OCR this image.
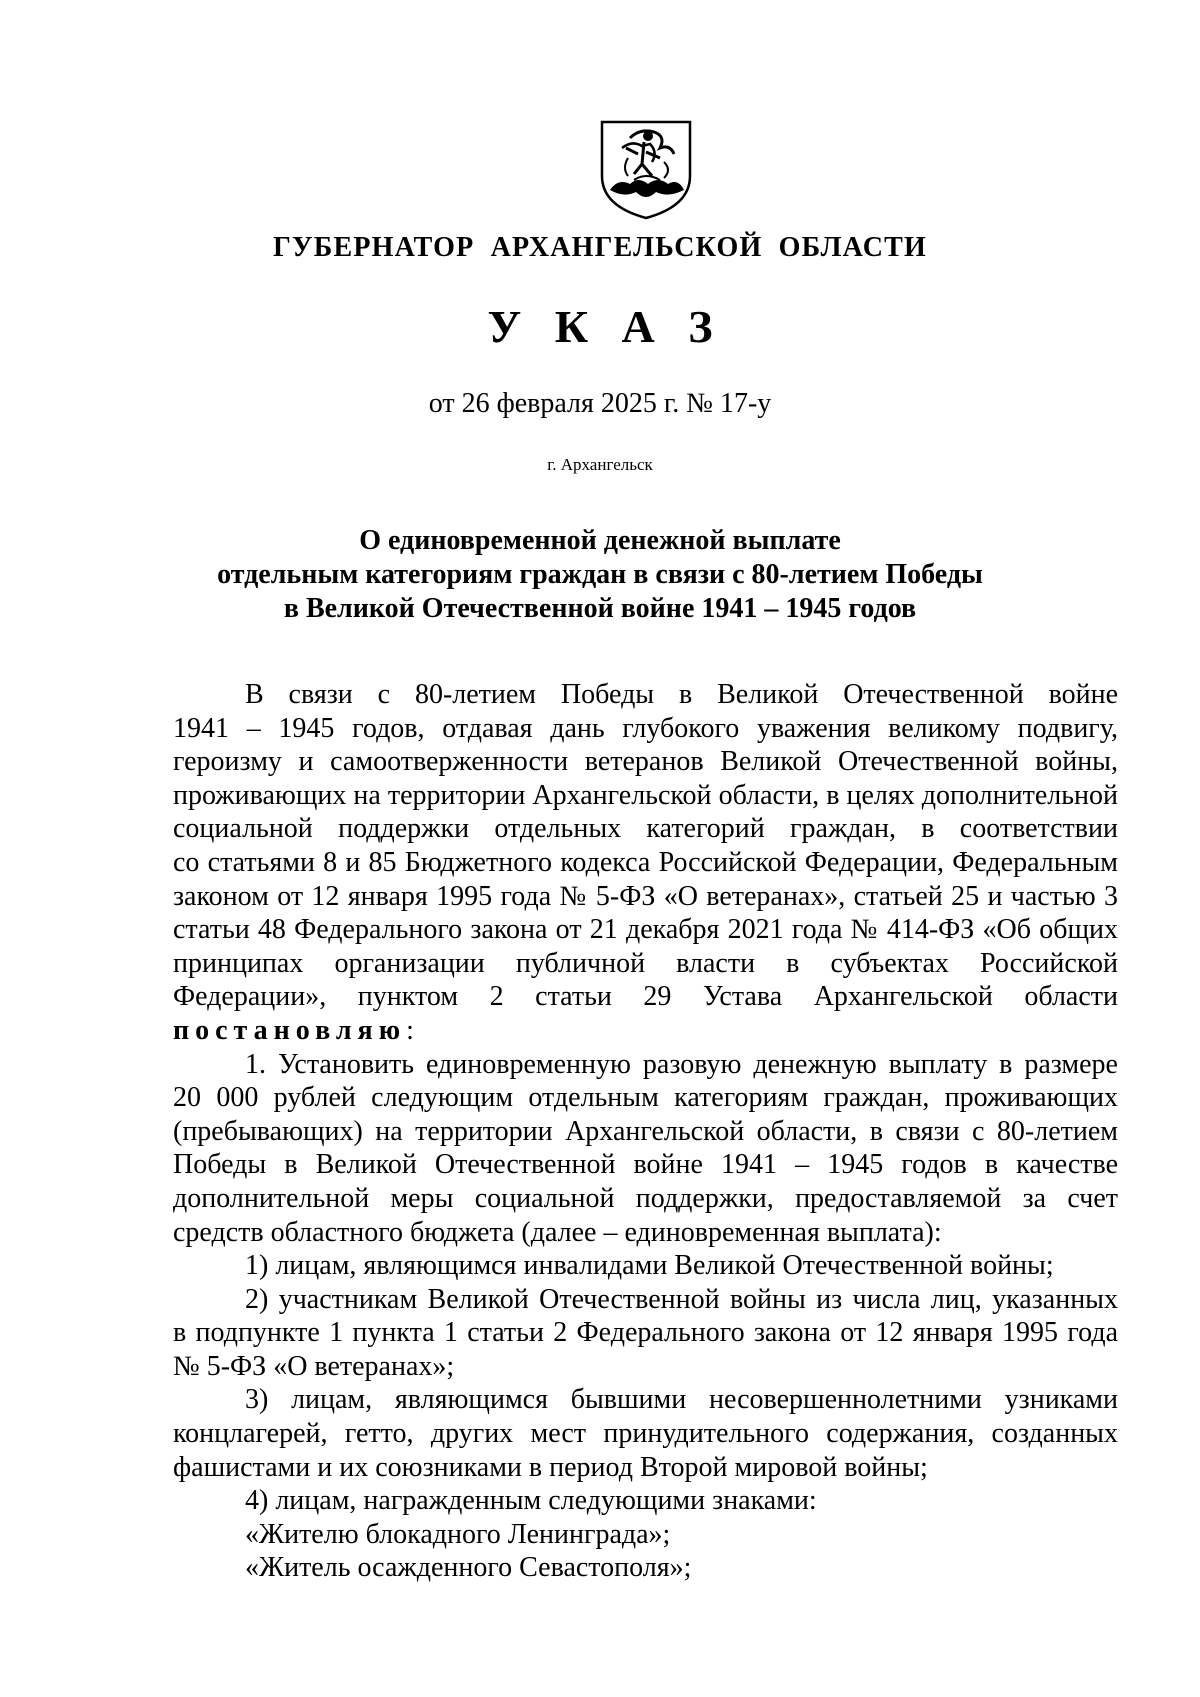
ГУБЕРНАТОР АРХАНГЕЛЬСКОЙ ОБЛАСТИ
У К А З
от 26 февраля 2025 г. № 17-у
г. Архангельск
О единовременной денежной выплате
отдельным категориям граждан в связи с 80-летием Победы
в Великой Отечественной войне 1941 – 1945 годов
В связи с 80-летием Победы в Великой Отечественной войне
1941 – 1945 годов, отдавая дань глубокого уважения великому подвигу,
героизму и самоотверженности ветеранов Великой Отечественной войны,
проживающих на территории Архангельской области, в целях дополнительной
социальной поддержки отдельных категорий граждан, в соответствии
со статьями 8 и 85 Бюджетного кодекса Российской Федерации, Федеральным
законом от 12 января 1995 года № 5-ФЗ «О ветеранах», статьей 25 и частью 3
статьи 48 Федерального закона от 21 декабря 2021 года № 414-ФЗ «Об общих
принципах организации публичной власти в субъектах Российской
Федерации», пунктом 2 статьи 29 Устава Архангельской области
постановляю:
1. Установить единовременную разовую денежную выплату в размере
20 000 рублей следующим отдельным категориям граждан, проживающих
(пребывающих) на территории Архангельской области, в связи с 80-летием
Победы в Великой Отечественной войне 1941 – 1945 годов в качестве
дополнительной меры социальной поддержки, предоставляемой за счет
средств областного бюджета (далее – единовременная выплата):
1) лицам, являющимся инвалидами Великой Отечественной войны;
2) участникам Великой Отечественной войны из числа лиц, указанных
в подпункте 1 пункта 1 статьи 2 Федерального закона от 12 января 1995 года
№ 5-ФЗ «О ветеранах»;
3) лицам, являющимся бывшими несовершеннолетними узниками
концлагерей, гетто, других мест принудительного содержания, созданных
фашистами и их союзниками в период Второй мировой войны;
4) лицам, награжденным следующими знаками:
«Жителю блокадного Ленинграда»;
«Житель осажденного Севастополя»;
